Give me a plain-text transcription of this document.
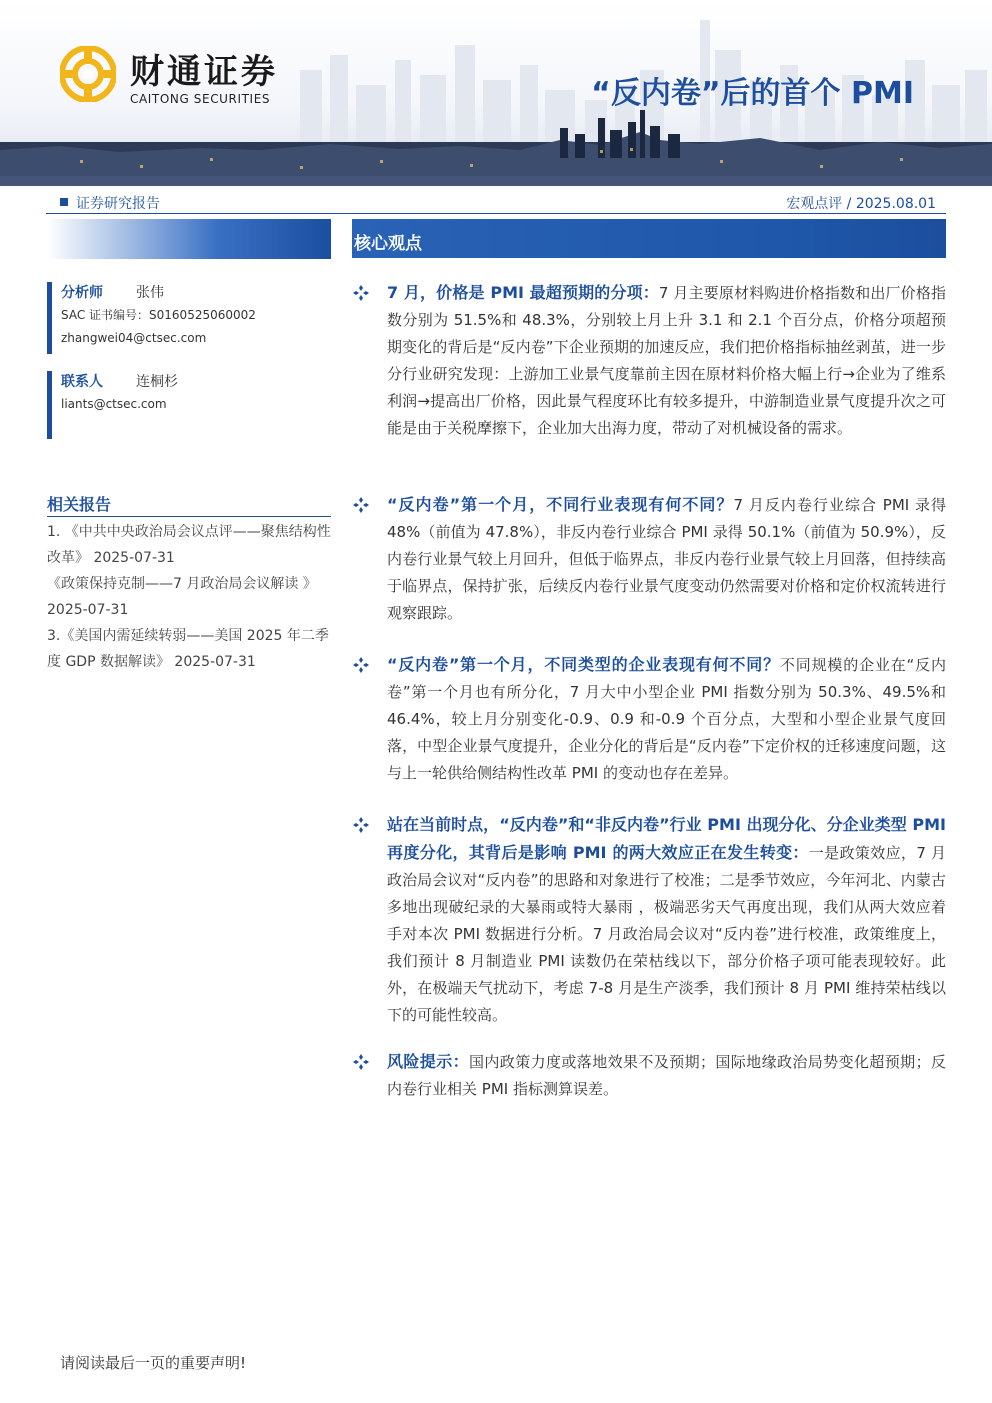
财通证券
CAITONG SECURITIES	“反内卷”后的首个 PMI
证券研究报告	宏观点评 / 2025.08.01
分析师 张伟
SAC 证书编号：S0160525060002
zhangwei04@ctsec.com
联系人 连桐杉
liants@ctsec.com
相关报告
1. 《中共中央政治局会议点评——聚焦结构性改革》 2025-07-31
《政策保持克制——7 月政治局会议解读 》 2025-07-31
3.《美国内需延续转弱——美国 2025 年二季度 GDP 数据解读》 2025-07-31
核心观点
7 月，价格是 PMI 最超预期的分项：7 月主要原材料购进价格指数和出厂价格指数分别为 51.5%和 48.3%，分别较上月上升 3.1 和 2.1 个百分点，价格分项超预期变化的背后是“反内卷”下企业预期的加速反应，我们把价格指标抽丝剥茧，进一步分行业研究发现：上游加工业景气度靠前主因在原材料价格大幅上行→企业为了维系利润→提高出厂价格，因此景气程度环比有较多提升，中游制造业景气度提升次之可能是由于关税摩擦下，企业加大出海力度，带动了对机械设备的需求。
“反内卷”第一个月，不同行业表现有何不同？7 月反内卷行业综合 PMI 录得 48%（前值为 47.8%），非反内卷行业综合 PMI 录得 50.1%（前值为 50.9%），反内卷行业景气较上月回升，但低于临界点，非反内卷行业景气较上月回落，但持续高于临界点，保持扩张，后续反内卷行业景气度变动仍然需要对价格和定价权流转进行观察跟踪。
“反内卷”第一个月，不同类型的企业表现有何不同？不同规模的企业在“反内卷”第一个月也有所分化，7 月大中小型企业 PMI 指数分别为 50.3%、49.5%和 46.4%，较上月分别变化-0.9、0.9 和-0.9 个百分点，大型和小型企业景气度回落，中型企业景气度提升，企业分化的背后是“反内卷”下定价权的迁移速度问题，这与上一轮供给侧结构性改革 PMI 的变动也存在差异。
站在当前时点，“反内卷”和“非反内卷”行业 PMI 出现分化、分企业类型 PMI 再度分化，其背后是影响 PMI 的两大效应正在发生转变：一是政策效应，7 月政治局会议对“反内卷”的思路和对象进行了校准；二是季节效应，今年河北、内蒙古多地出现破纪录的大暴雨或特大暴雨 ，极端恶劣天气再度出现，我们从两大效应着手对本次 PMI 数据进行分析。7 月政治局会议对“反内卷”进行校准，政策维度上，我们预计 8 月制造业 PMI 读数仍在荣枯线以下，部分价格子项可能表现较好。此外，在极端天气扰动下，考虑 7-8 月是生产淡季，我们预计 8 月 PMI 维持荣枯线以下的可能性较高。
风险提示：国内政策力度或落地效果不及预期；国际地缘政治局势变化超预期；反内卷行业相关 PMI 指标测算误差。
请阅读最后一页的重要声明!
